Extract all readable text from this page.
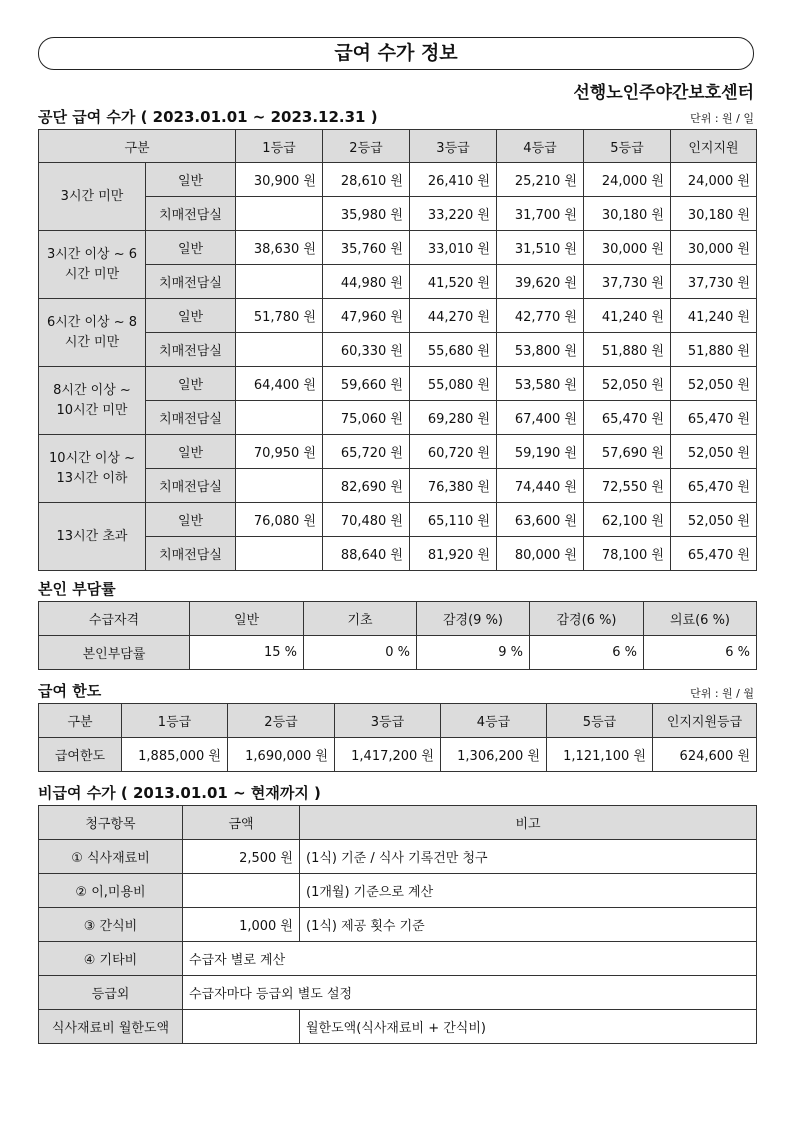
급여 수가 정보
선행노인주야간보호센터
공단 급여 수가 ( 2023.01.01 ~ 2023.12.31 )	단위 : 원 / 일
구분		1등급	2등급	3등급	4등급	5등급	인지지원
3시간 미만	일반	30,900 원	28,610 원	26,410 원	25,210 원	24,000 원	24,000 원
	치매전담실		35,980 원	33,220 원	31,700 원	30,180 원	30,180 원
3시간 이상 ~ 6시간 미만	일반	38,630 원	35,760 원	33,010 원	31,510 원	30,000 원	30,000 원
	치매전담실		44,980 원	41,520 원	39,620 원	37,730 원	37,730 원
6시간 이상 ~ 8시간 미만	일반	51,780 원	47,960 원	44,270 원	42,770 원	41,240 원	41,240 원
	치매전담실		60,330 원	55,680 원	53,800 원	51,880 원	51,880 원
8시간 이상 ~ 10시간 미만	일반	64,400 원	59,660 원	55,080 원	53,580 원	52,050 원	52,050 원
	치매전담실		75,060 원	69,280 원	67,400 원	65,470 원	65,470 원
10시간 이상 ~ 13시간 이하	일반	70,950 원	65,720 원	60,720 원	59,190 원	57,690 원	52,050 원
	치매전담실		82,690 원	76,380 원	74,440 원	72,550 원	65,470 원
13시간 초과	일반	76,080 원	70,480 원	65,110 원	63,600 원	62,100 원	52,050 원
	치매전담실		88,640 원	81,920 원	80,000 원	78,100 원	65,470 원
본인 부담률
수급자격	일반	기초	감경(9 %)	감경(6 %)	의료(6 %)
본인부담률	15 %	0 %	9 %	6 %	6 %
급여 한도	단위 : 원 / 월
구분	1등급	2등급	3등급	4등급	5등급	인지지원등급
급여한도	1,885,000 원	1,690,000 원	1,417,200 원	1,306,200 원	1,121,100 원	624,600 원
비급여 수가 ( 2013.01.01 ~ 현재까지 )
청구항목	금액	비고
① 식사재료비	2,500 원	(1식) 기준 / 식사 기록건만 청구
② 이,미용비		(1개월) 기준으로 계산
③ 간식비	1,000 원	(1식) 제공 횟수 기준
④ 기타비	수급자 별로 계산	
등급외	수급자마다 등급외 별도 설정	
식사재료비 월한도액		월한도액(식사재료비 + 간식비)
